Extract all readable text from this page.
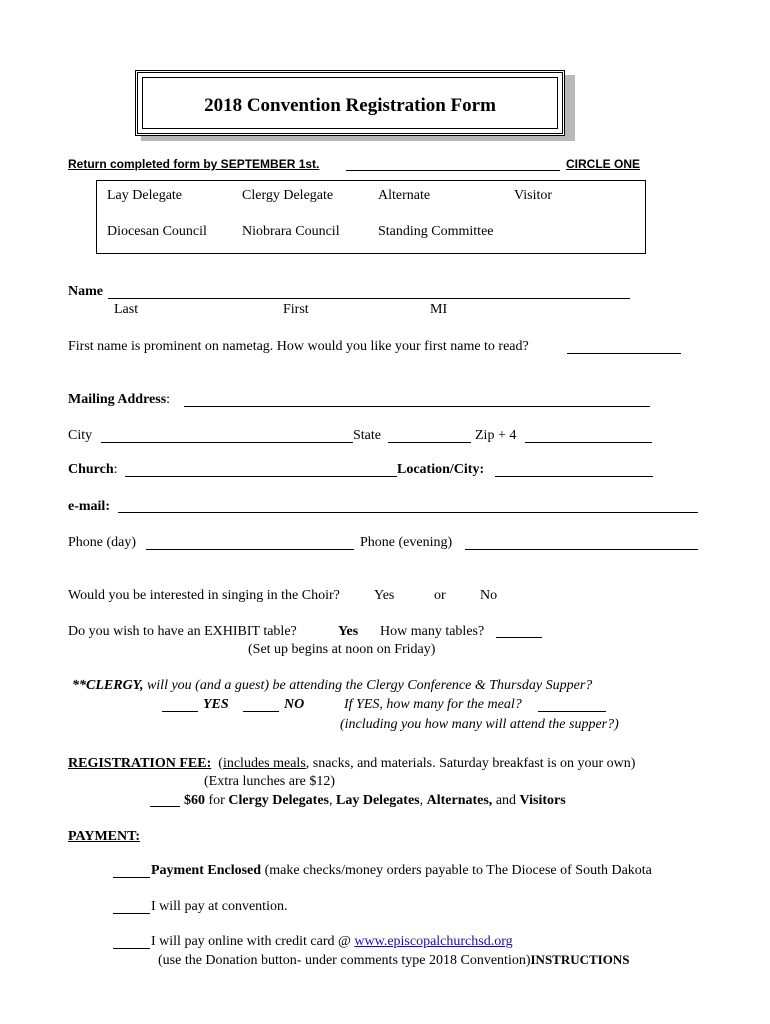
2018 Convention Registration Form
Return completed form by SEPTEMBER 1st.	CIRCLE ONE
Lay Delegate	Clergy Delegate	Alternate	Visitor
Diocesan Council	Niobrara Council	Standing Committee
Name
Last	First	MI
First name is prominent on nametag. How would you like your first name to read?
Mailing Address:
City	State	Zip + 4
Church:	Location/City:
e-mail:
Phone (day)	Phone (evening)
Would you be interested in singing in the Choir? Yes	or No
Do you wish to have an EXHIBIT table?	Yes How many tables?
(Set up begins at noon on Friday)
**CLERGY, will you (and a guest) be attending the Clergy Conference & Thursday Supper?
YES	NO	If YES, how many for the meal?
(including you how many will attend the supper?)
REGISTRATION FEE: (includes meals, snacks, and materials. Saturday breakfast is on your own)
(Extra lunches are $12)
$60 for Clergy Delegates, Lay Delegates, Alternates, and Visitors
PAYMENT:
Payment Enclosed (make checks/money orders payable to The Diocese of South Dakota
I will pay at convention.
I will pay online with credit card @ www.episcopalchurchsd.org
(use the Donation button- under comments type 2018 Convention)INSTRUCTIONS
